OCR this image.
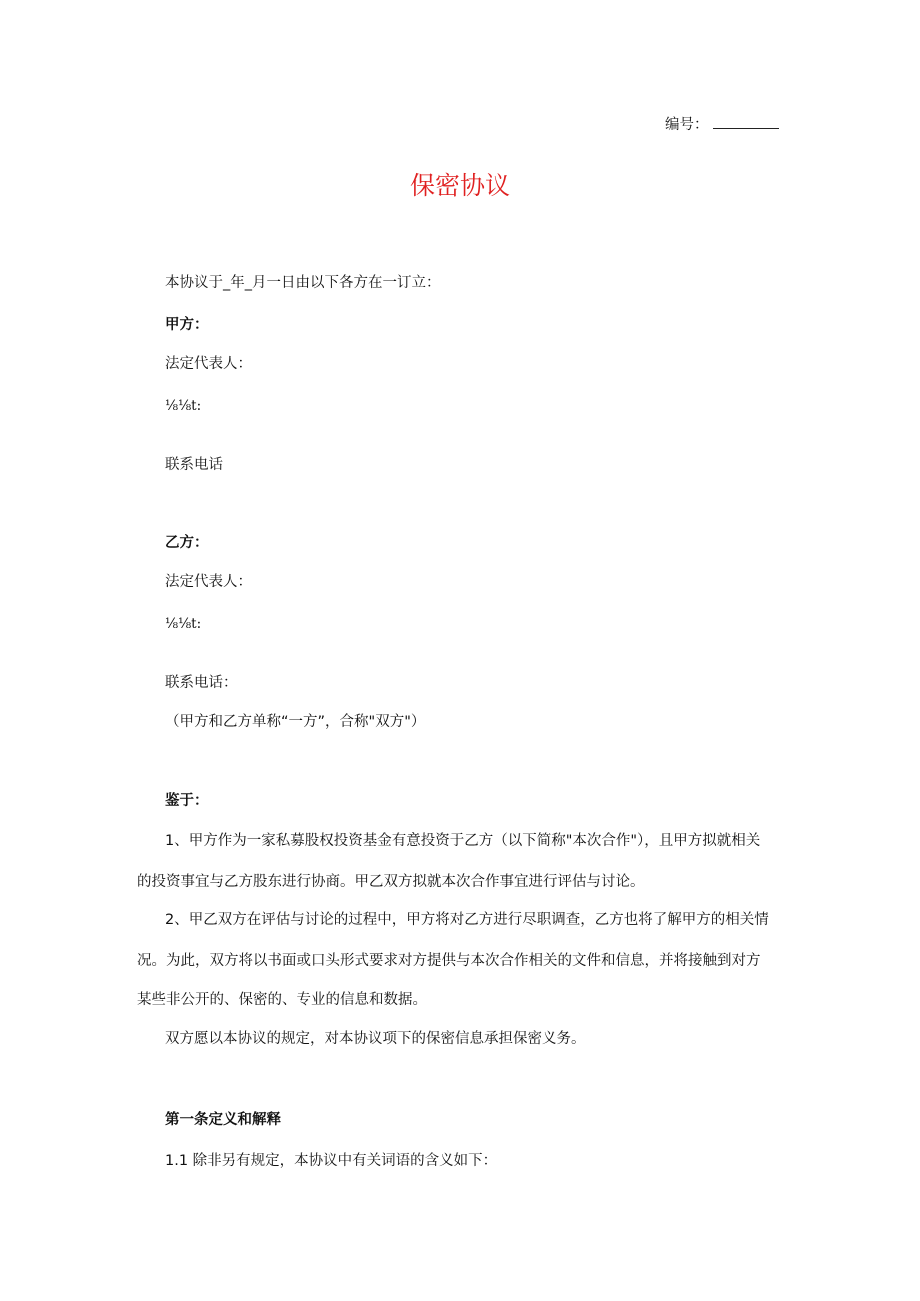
编号：
保密协议

本协议于_年_月一日由以下各方在一订立：

甲方：

法定代表人：

⅛⅛t:

联系电话

乙方：

法定代表人：

⅛⅛t:

联系电话：

（甲方和乙方单称“一方”，合称"双方"）

鉴于：

1、甲方作为一家私募股权投资基金有意投资于乙方（以下简称"本次合作"），且甲方拟就相关

的投资事宜与乙方股东进行协商。甲乙双方拟就本次合作事宜进行评估与讨论。

2、甲乙双方在评估与讨论的过程中，甲方将对乙方进行尽职调查，乙方也将了解甲方的相关情

况。为此，双方将以书面或口头形式要求对方提供与本次合作相关的文件和信息，并将接触到对方

某些非公开的、保密的、专业的信息和数据。

双方愿以本协议的规定，对本协议项下的保密信息承担保密义务。

第一条定义和解释

1.1 除非另有规定，本协议中有关词语的含义如下：
